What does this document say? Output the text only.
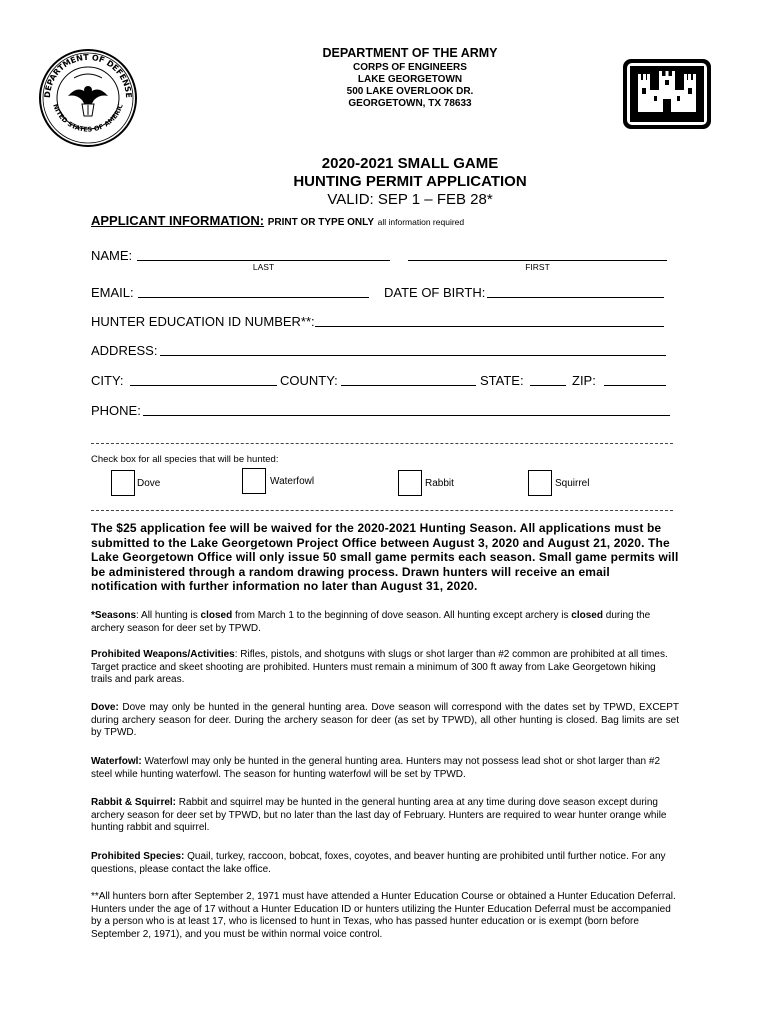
DEPARTMENT OF DEFENSE
NITED STATES OF AMERIC
DEPARTMENT OF THE ARMY
CORPS OF ENGINEERS
LAKE GEORGETOWN
500 LAKE OVERLOOK DR.
GEORGETOWN, TX 78633
2020-2021 SMALL GAME
HUNTING PERMIT APPLICATION
VALID: SEP 1 – FEB 28*
APPLICANT INFORMATION: PRINT OR TYPE ONLY all information required
NAME:
LAST	FIRST
EMAIL:	DATE OF BIRTH:
HUNTER EDUCATION ID NUMBER**:
ADDRESS:
CITY:	COUNTY:	STATE:	ZIP:
PHONE:
Check box for all species that will be hunted:
Dove	Waterfowl	Rabbit	Squirrel
The $25 application fee will be waived for the 2020-2021 Hunting Season. All applications must be submitted to the Lake Georgetown Project Office between August 3, 2020 and August 21, 2020. The Lake Georgetown Office will only issue 50 small game permits each season. Small game permits will be administered through a random drawing process. Drawn hunters will receive an email notification with further information no later than August 31, 2020.
*Seasons: All hunting is closed from March 1 to the beginning of dove season. All hunting except archery is closed during the archery season for deer set by TPWD.
Prohibited Weapons/Activities: Rifles, pistols, and shotguns with slugs or shot larger than #2 common are prohibited at all times. Target practice and skeet shooting are prohibited. Hunters must remain a minimum of 300 ft away from Lake Georgetown hiking trails and park areas.
Dove: Dove may only be hunted in the general hunting area. Dove season will correspond with the dates set by TPWD, EXCEPT during archery season for deer. During the archery season for deer (as set by TPWD), all other hunting is closed. Bag limits are set by TPWD.
Waterfowl: Waterfowl may only be hunted in the general hunting area. Hunters may not possess lead shot or shot larger than #2 steel while hunting waterfowl. The season for hunting waterfowl will be set by TPWD.
Rabbit & Squirrel: Rabbit and squirrel may be hunted in the general hunting area at any time during dove season except during archery season for deer set by TPWD, but no later than the last day of February. Hunters are required to wear hunter orange while hunting rabbit and squirrel.
Prohibited Species: Quail, turkey, raccoon, bobcat, foxes, coyotes, and beaver hunting are prohibited until further notice. For any questions, please contact the lake office.
**All hunters born after September 2, 1971 must have attended a Hunter Education Course or obtained a Hunter Education Deferral. Hunters under the age of 17 without a Hunter Education ID or hunters utilizing the Hunter Education Deferral must be accompanied by a person who is at least 17, who is licensed to hunt in Texas, who has passed hunter education or is exempt (born before September 2, 1971), and you must be within normal voice control.
